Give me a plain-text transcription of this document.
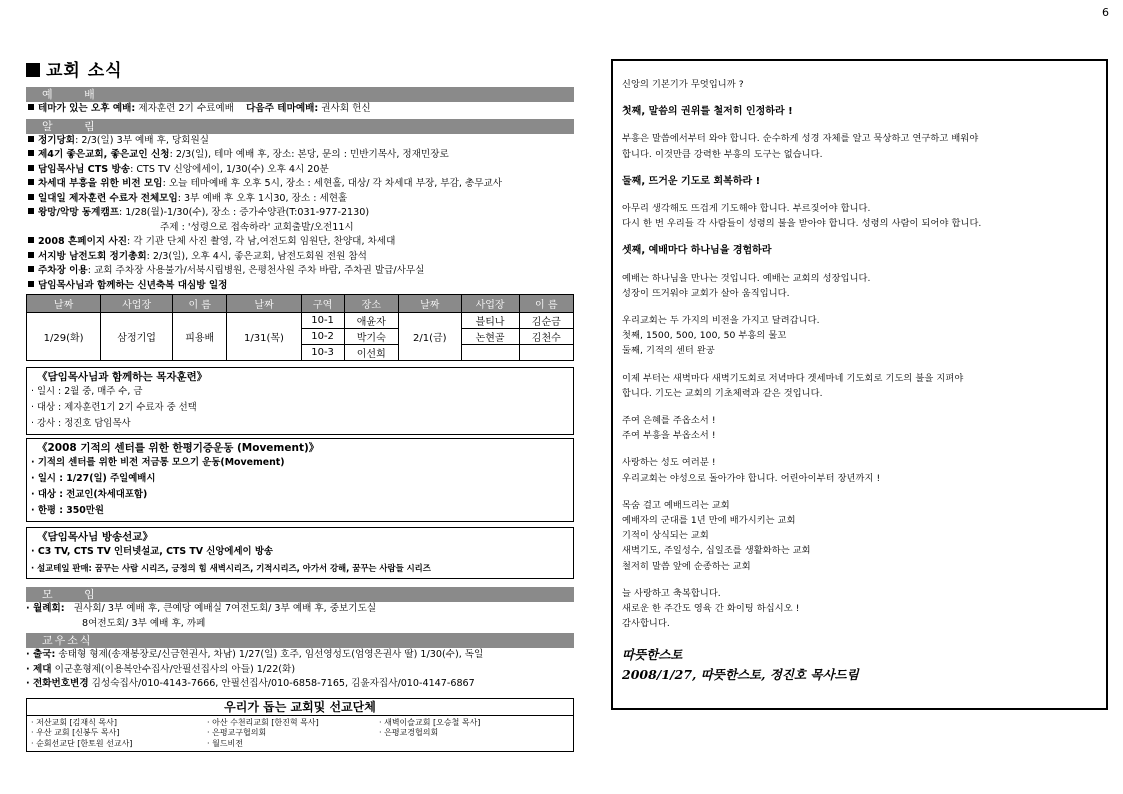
6
교회 소식
예 배
테마가 있는 오후 예배: 제자훈련 2기 수료예배 다음주 테마예배: 권사회 헌신
알 림
정기당회: 2/3(일) 3부 예배 후, 당회원실
제4기 좋은교회, 좋은교인 신청: 2/3(일), 테마 예배 후, 장소: 본당, 문의 : 민반기목사, 정재민장로
담임목사님 CTS 방송: CTS TV 신앙에세이, 1/30(수) 오후 4시 20분
차세대 부흥을 위한 비전 모임: 오늘 테마예배 후 오후 5시, 장소 : 세현홀, 대상/ 각 차세대 부장, 부감, 총무교사
일대일 제자훈련 수료자 전체모임: 3부 예배 후 오후 1시30, 장소 : 세현홀
왕망/악망 동계캠프: 1/28(월)-1/30(수), 장소 : 증가수양관(T:031-977-2130)
주제 : '성령으로 접속하라' 교회출발/오전11시
2008 흔페이지 사진: 각 기관 단체 사진 촬영, 각 남,여전도회 임원단, 찬양대, 차세대
서지방 남전도회 정기총회: 2/3(일), 오후 4시, 좋은교회, 남전도회원 전원 참석
주차장 이용: 교회 주차장 사용불가/서북시립병원, 은평천사원 주차 바람, 주차권 발급/사무실
담임목사님과 함께하는 신년축복 대심방 일정
날짜	사업장	이 름	날짜	구역	장소	날짜	사업장	이 름
1/29(화)	삼정기업	피용배	1/31(목)	10-1	애윤자	2/1(금)	블티나	김순금
				10-2	박기숙		논현골	김천수
				10-3	이선희			
《담임목사님과 함께하는 목자훈련》
· 일시 : 2월 중, 매주 수, 금
· 대상 : 제자훈련1기 2기 수료자 중 선택
· 강사 : 정진호 담임목사
《2008 기적의 센터를 위한 한평기증운동 (Movement)》
· 기적의 센터를 위한 비전 저금통 모으기 운동(Movement)
· 일시 : 1/27(일) 주일예배시
· 대상 : 전교인(차세대포함)
· 한평 : 350만원
《담임목사님 방송선교》
· C3 TV, CTS TV 인터넷설교, CTS TV 신앙에세이 방송
· 설교테잎 판매: 꿈꾸는 사람 시리즈, 긍정의 힘 새벽시리즈, 기적시리즈, 아가서 강해, 꿈꾸는 사람들 시리즈
모 임
· 월례회: 권사회/ 3부 예배 후, 큰예당 예배실 7여전도회/ 3부 예배 후, 중보기도실
8여전도회/ 3부 예배 후, 까페
교우소식
· 출국: 송태형 형제(송재봉장로/신금현권사, 차남) 1/27(일) 호주, 임선영성도(엄영은권사 딸) 1/30(수), 독일
· 제대 이군훈형제(이용복안수집사/안필선집사의 아들) 1/22(화)
· 전화번호변경 김성숙집사/010-4143-7666, 안필선집사/010-6858-7165, 김윤자집사/010-4147-6867
우리가 돕는 교회및 선교단체
· 저산교회 [김재식 목사]	· 아산 수천리교회 [한진혁 목사]	· 새벽이슬교회 [오승철 목사]
· 우산 교회 [신봉두 목사]	· 은평교구협의회	· 은평교경협의회
· 순회선교단 [한토원 선교사]	· 월드비전
신앙의 기본기가 무엇입니까 ?
첫째, 말씀의 권위를 철저히 인정하라 !
부흥은 말씀에서부터 와야 합니다. 순수하게 성경 자체를 알고 묵상하고 연구하고 배워야
합니다. 이것만큼 강력한 부흥의 도구는 없습니다.
둘째, 뜨거운 기도로 회복하라 !
아무리 생각해도 뜨겁게 기도해야 합니다. 부르짖어야 합니다.
다시 한 번 우리들 각 사람들이 성령의 불을 받아야 합니다. 성령의 사람이 되어야 합니다.
셋째, 예배마다 하나님을 경험하라
예배는 하나님을 만나는 것입니다. 예배는 교회의 성장입니다.
성장이 뜨거워야 교회가 살아 움직입니다.
우리교회는 두 가지의 비전을 가지고 달려갑니다.
첫째, 1500, 500, 100, 50 부흥의 물꼬
둘째, 기적의 센터 완공
이제 부터는 새벽마다 새벽기도회로 저녁마다 겟세마네 기도회로 기도의 불을 지펴야
합니다. 기도는 교회의 기초체력과 같은 것입니다.
주여 은혜를 주옵소서 !
주여 부흥을 부옵소서 !
사랑하는 성도 여러분 !
우리교회는 야성으로 돌아가야 합니다. 어린아이부터 장년까지 !
목숨 걸고 예배드리는 교회
예배자의 군대를 1년 만에 배가시키는 교회
기적이 상식되는 교회
새벽기도, 주일성수, 십일조를 생활화하는 교회
철저히 말씀 앞에 순종하는 교회
늘 사랑하고 축복합니다.
새로운 한 주간도 영육 간 화이팅 하십시오 !
감사합니다.
따뜻한스토
2008/1/27, 따뜻한스토, 정진호 목사드림
